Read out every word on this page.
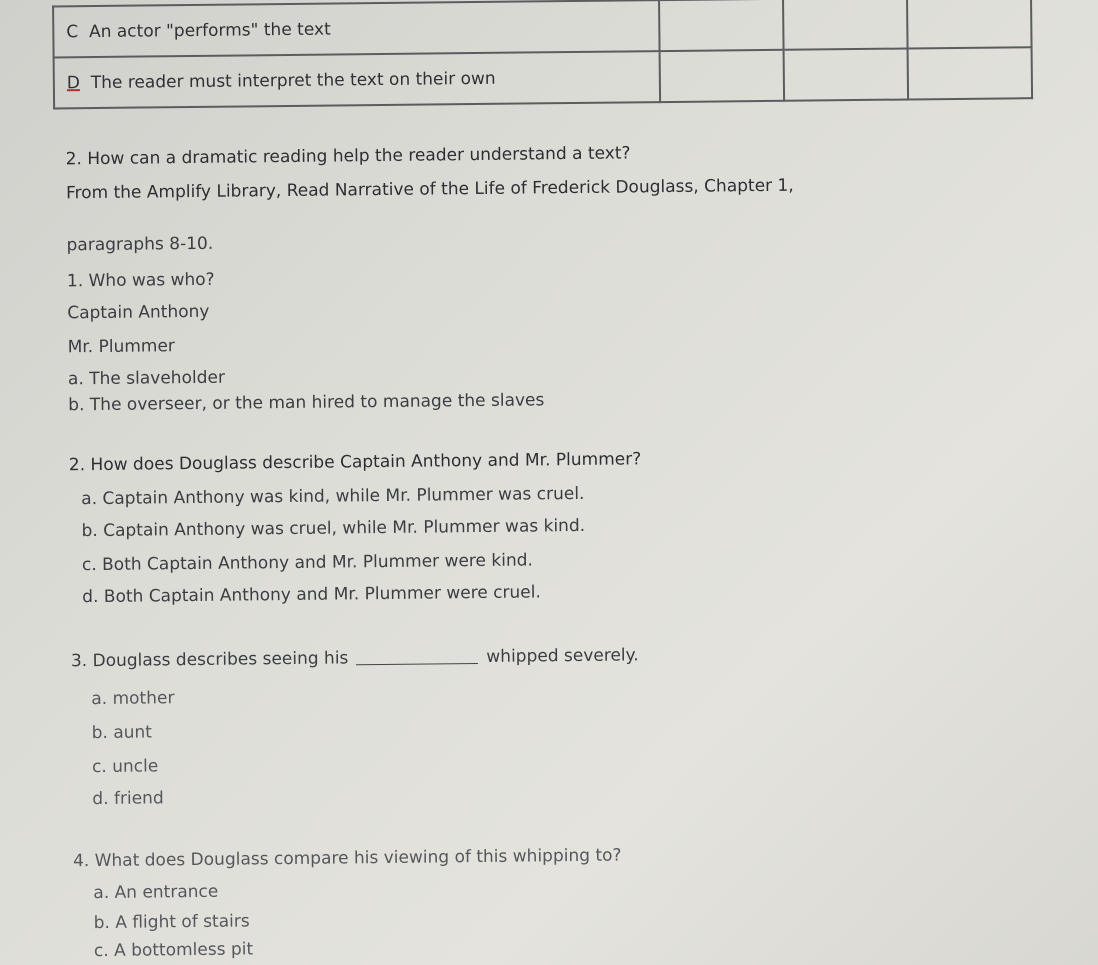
C An actor "performs" the text			
D The reader must interpret the text on their own			
2. How can a dramatic reading help the reader understand a text?
From the Amplify Library, Read Narrative of the Life of Frederick Douglass, Chapter 1,
paragraphs 8-10.
1. Who was who?
Captain Anthony
Mr. Plummer
a. The slaveholder
b. The overseer, or the man hired to manage the slaves
2. How does Douglass describe Captain Anthony and Mr. Plummer?
a. Captain Anthony was kind, while Mr. Plummer was cruel.
b. Captain Anthony was cruel, while Mr. Plummer was kind.
c. Both Captain Anthony and Mr. Plummer were kind.
d. Both Captain Anthony and Mr. Plummer were cruel.
3. Douglass describes seeing his	whipped severely.
a. mother
b. aunt
c. uncle
d. friend
4. What does Douglass compare his viewing of this whipping to?
a. An entrance
b. A flight of stairs
c. A bottomless pit
